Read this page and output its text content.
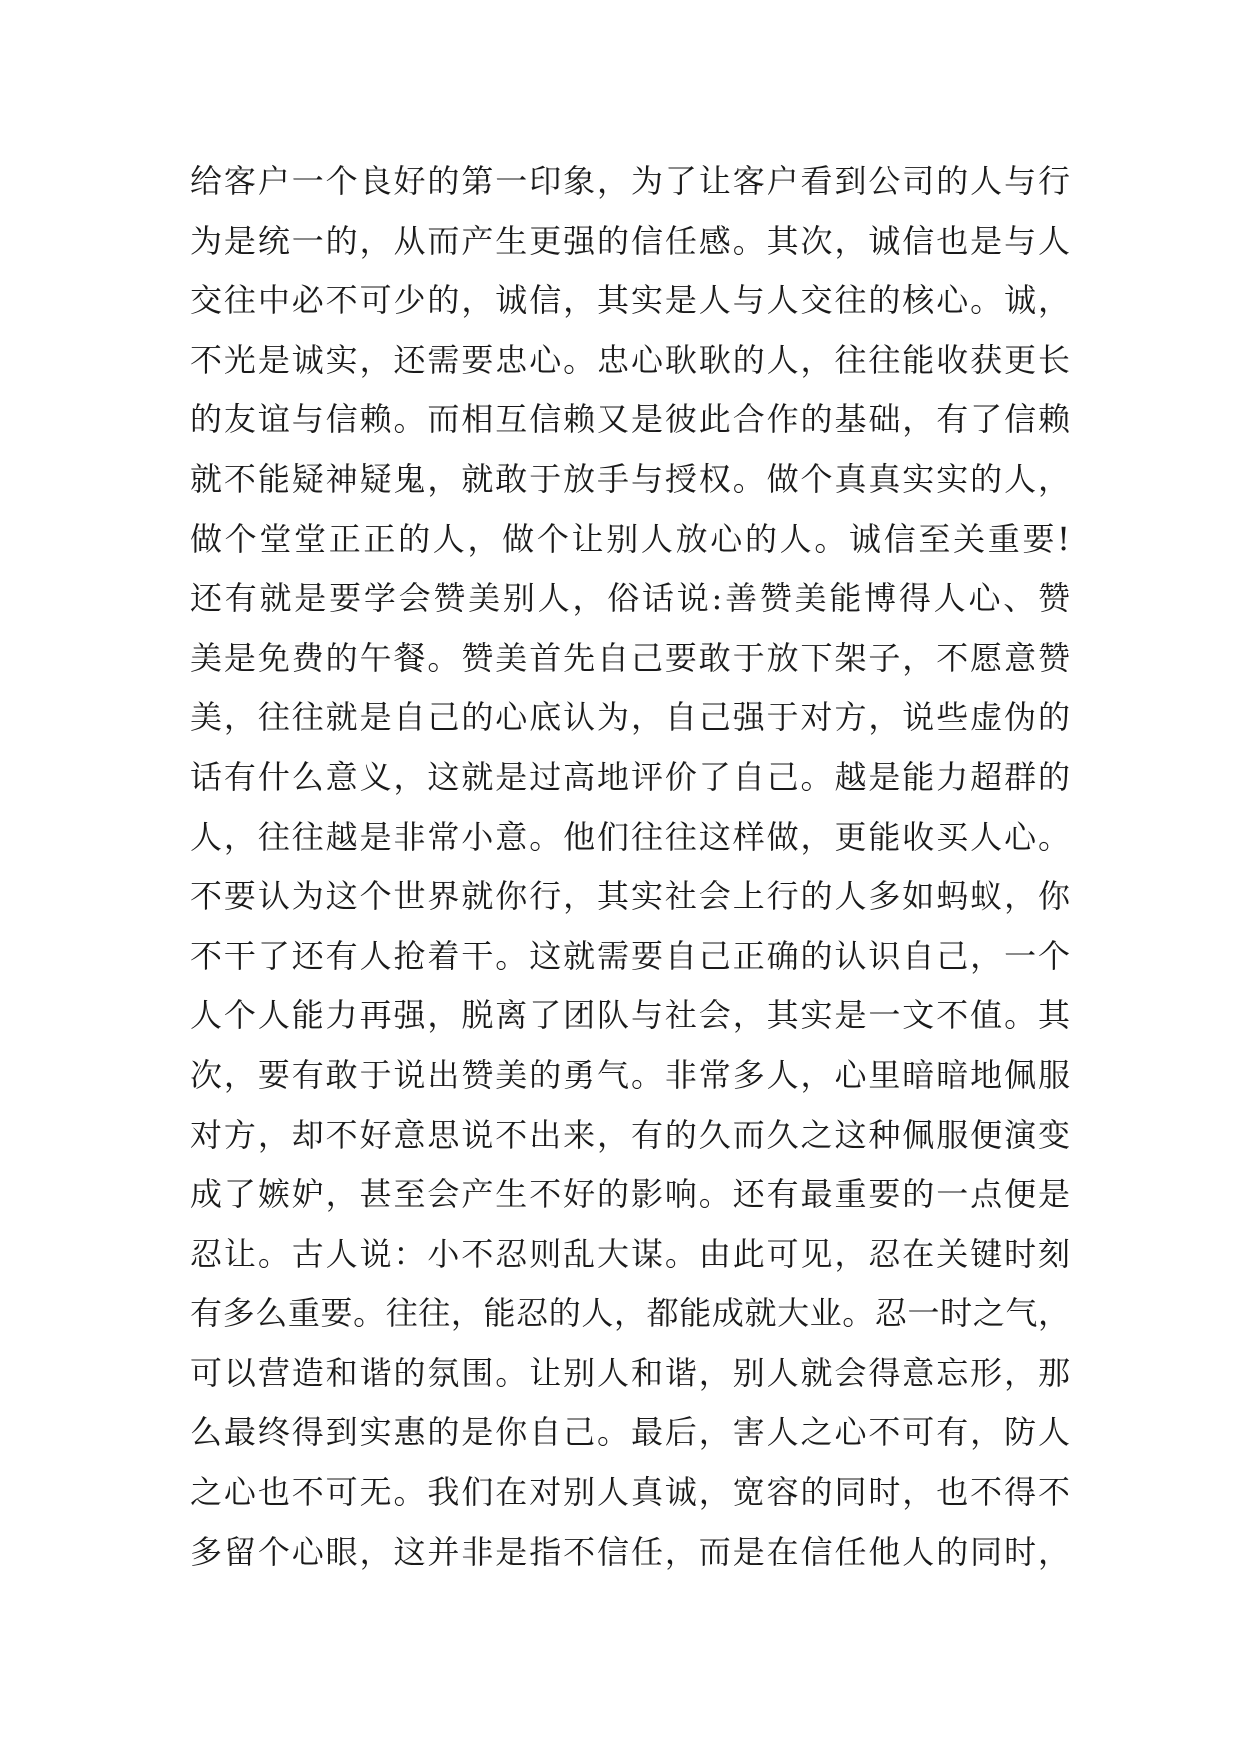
给客户一个良好的第一印象，为了让客户看到公司的人与行
为是统一的，从而产生更强的信任感。其次，诚信也是与人
交往中必不可少的，诚信，其实是人与人交往的核心。诚，
不光是诚实，还需要忠心。忠心耿耿的人，往往能收获更长
的友谊与信赖。而相互信赖又是彼此合作的基础，有了信赖
就不能疑神疑鬼，就敢于放手与授权。做个真真实实的人，
做个堂堂正正的人，做个让别人放心的人。诚信至关重要!
还有就是要学会赞美别人，俗话说:善赞美能博得人心、赞
美是免费的午餐。赞美首先自己要敢于放下架子，不愿意赞
美，往往就是自己的心底认为，自己强于对方，说些虚伪的
话有什么意义，这就是过高地评价了自己。越是能力超群的
人，往往越是非常小意。他们往往这样做，更能收买人心。
不要认为这个世界就你行，其实社会上行的人多如蚂蚁，你
不干了还有人抢着干。这就需要自己正确的认识自己，一个
人个人能力再强，脱离了团队与社会，其实是一文不值。其
次，要有敢于说出赞美的勇气。非常多人，心里暗暗地佩服
对方，却不好意思说不出来，有的久而久之这种佩服便演变
成了嫉妒，甚至会产生不好的影响。还有最重要的一点便是
忍让。古人说：小不忍则乱大谋。由此可见，忍在关键时刻
有多么重要。往往，能忍的人，都能成就大业。忍一时之气，
可以营造和谐的氛围。让别人和谐，别人就会得意忘形，那
么最终得到实惠的是你自己。最后，害人之心不可有，防人
之心也不可无。我们在对别人真诚，宽容的同时，也不得不
多留个心眼，这并非是指不信任，而是在信任他人的同时，
